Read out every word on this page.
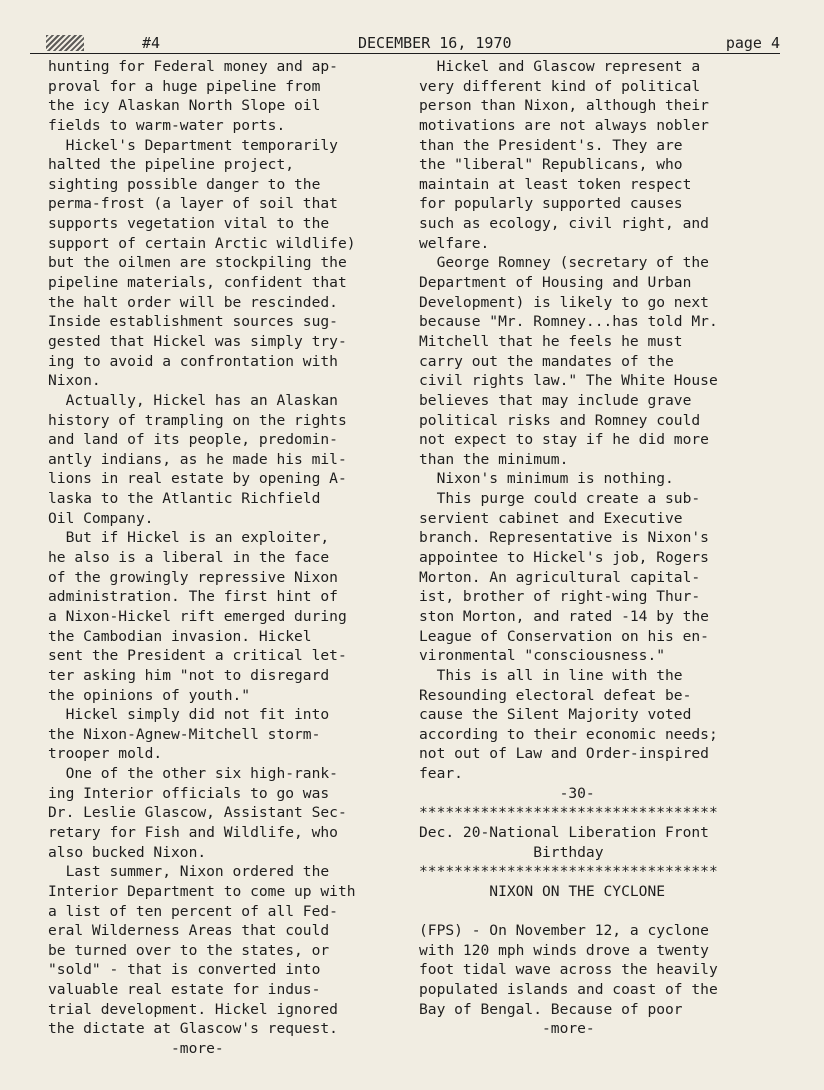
#4	DECEMBER 16, 1970	page 4
hunting for Federal money and ap-
proval for a huge pipeline from
the icy Alaskan North Slope oil
fields to warm-water ports.
Hickel's Department temporarily
halted the pipeline project,
sighting possible danger to the
perma-frost (a layer of soil that
supports vegetation vital to the
support of certain Arctic wildlife)
but the oilmen are stockpiling the
pipeline materials, confident that
the halt order will be rescinded.
Inside establishment sources sug-
gested that Hickel was simply try-
ing to avoid a confrontation with
Nixon.
Actually, Hickel has an Alaskan
history of trampling on the rights
and land of its people, predomin-
antly indians, as he made his mil-
lions in real estate by opening A-
laska to the Atlantic Richfield
Oil Company.
But if Hickel is an exploiter,
he also is a liberal in the face
of the growingly repressive Nixon
administration. The first hint of
a Nixon-Hickel rift emerged during
the Cambodian invasion. Hickel
sent the President a critical let-
ter asking him "not to disregard
the opinions of youth."
Hickel simply did not fit into
the Nixon-Agnew-Mitchell storm-
trooper mold.
One of the other six high-rank-
ing Interior officials to go was
Dr. Leslie Glascow, Assistant Sec-
retary for Fish and Wildlife, who
also bucked Nixon.
Last summer, Nixon ordered the
Interior Department to come up with
a list of ten percent of all Fed-
eral Wilderness Areas that could
be turned over to the states, or
"sold" - that is converted into
valuable real estate for indus-
trial development. Hickel ignored
the dictate at Glascow's request.
-more-
Hickel and Glascow represent a
very different kind of political
person than Nixon, although their
motivations are not always nobler
than the President's. They are
the "liberal" Republicans, who
maintain at least token respect
for popularly supported causes
such as ecology, civil right, and
welfare.
George Romney (secretary of the
Department of Housing and Urban
Development) is likely to go next
because "Mr. Romney...has told Mr.
Mitchell that he feels he must
carry out the mandates of the
civil rights law." The White House
believes that may include grave
political risks and Romney could
not expect to stay if he did more
than the minimum.
Nixon's minimum is nothing.
This purge could create a sub-
servient cabinet and Executive
branch. Representative is Nixon's
appointee to Hickel's job, Rogers
Morton. An agricultural capital-
ist, brother of right-wing Thur-
ston Morton, and rated -14 by the
League of Conservation on his en-
vironmental "consciousness."
This is all in line with the
Resounding electoral defeat be-
cause the Silent Majority voted
according to their economic needs;
not out of Law and Order-inspired
fear.
-30-
**********************************
Dec. 20-National Liberation Front
Birthday
**********************************
NIXON ON THE CYCLONE
(FPS) - On November 12, a cyclone
with 120 mph winds drove a twenty
foot tidal wave across the heavily
populated islands and coast of the
Bay of Bengal. Because of poor
-more-
